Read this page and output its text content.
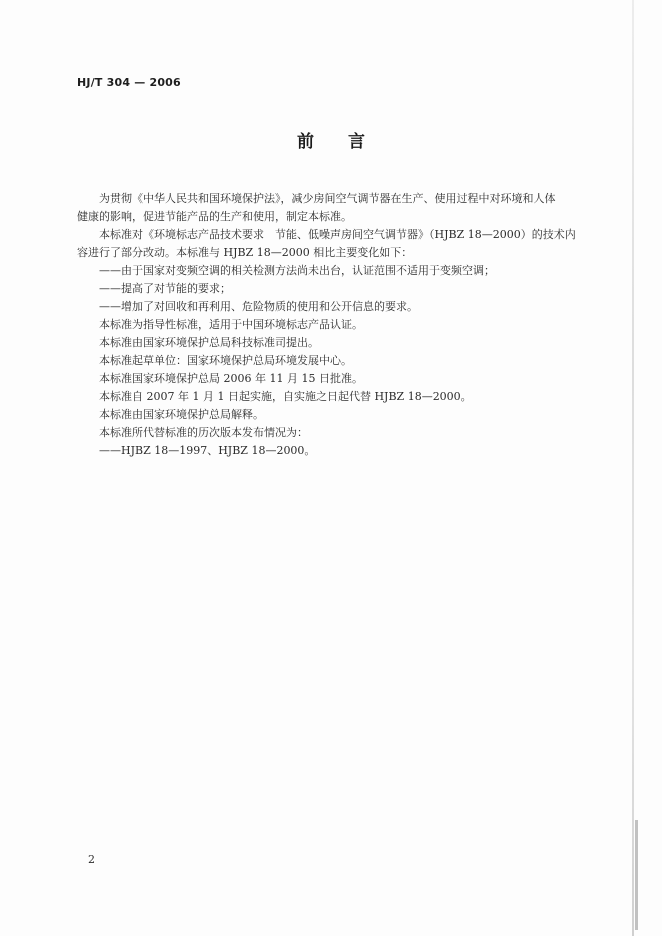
HJ/T 304 — 2006
前 言

为贯彻《中华人民共和国环境保护法》，减少房间空气调节器在生产、使用过程中对环境和人体

健康的影响，促进节能产品的生产和使用，制定本标准。

本标准对《环境标志产品技术要求　节能、低噪声房间空气调节器》（HJBZ 18—2000）的技术内

容进行了部分改动。本标准与 HJBZ 18—2000 相比主要变化如下：

——由于国家对变频空调的相关检测方法尚未出台，认证范围不适用于变频空调；

——提高了对节能的要求；

——增加了对回收和再利用、危险物质的使用和公开信息的要求。

本标准为指导性标准，适用于中国环境标志产品认证。

本标准由国家环境保护总局科技标准司提出。

本标准起草单位：国家环境保护总局环境发展中心。

本标准国家环境保护总局 2006 年 11 月 15 日批准。

本标准自 2007 年 1 月 1 日起实施，自实施之日起代替 HJBZ 18—2000。

本标准由国家环境保护总局解释。

本标准所代替标准的历次版本发布情况为：

——HJBZ 18—1997、HJBZ 18—2000。

2
